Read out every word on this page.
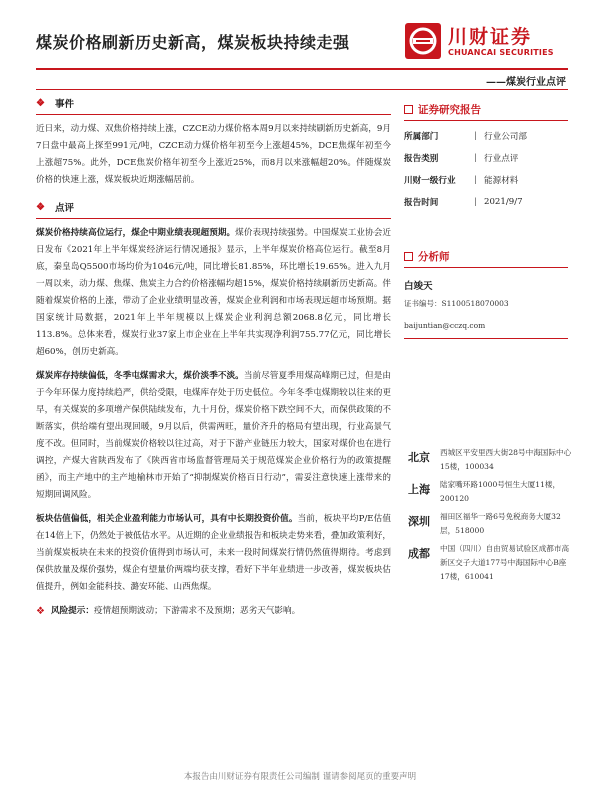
煤炭价格刷新历史新高，煤炭板块持续走强	川财证券
CHUANCAI SECURITIES
——煤炭行业点评
❖ 事件

近日来，动力煤、双焦价格持续上涨，CZCE动力煤价格本周9月以来持续刷新历史新高，9月7日盘中最高上探至991元/吨，CZCE动力煤价格年初至今上涨超45%，DCE焦煤年初至今上涨超75%。此外，DCE焦炭价格年初至今上涨近25%，而8月以来涨幅超20%。伴随煤炭价格的快速上涨，煤炭板块近期涨幅居前。

❖ 点评

煤炭价格持续高位运行，煤企中期业绩表现超预期。煤价表现持续强势。中国煤炭工业协会近日发布《2021年上半年煤炭经济运行情况通报》显示，上半年煤炭价格高位运行。截至8月底，秦皇岛Q5500市场均价为1046元/吨，同比增长81.85%，环比增长19.65%。进入九月一周以来，动力煤、焦煤、焦炭主力合约价格涨幅均超15%，煤炭价格持续刷新历史新高。伴随着煤炭价格的上涨，带动了企业业绩明显改善，煤炭企业利润和市场表现远超市场预期。据国家统计局数据，2021年上半年规模以上煤炭企业利润总额2068.8亿元，同比增长113.8%。总体来看，煤炭行业37家上市企业在上半年共实现净利润755.77亿元，同比增长超60%，创历史新高。

煤炭库存持续偏低，冬季屯煤需求大，煤价淡季不淡。当前尽管夏季用煤高峰期已过，但是由于今年环保力度持续趋严，供给受限，电煤库存处于历史低位。今年冬季屯煤期较以往来的更早，有关煤炭的多项增产保供陆续发布，九十月份，煤炭价格下跌空间不大，而保供政策的不断落实，供给端有望出现回暖，9月以后，供需两旺，量价齐升的格局有望出现，行业高景气度不改。但同时，当前煤炭价格较以往过高，对于下游产业链压力较大，国家对煤价也在进行调控，产煤大省陕西发布了《陕西省市场监督管理局关于规范煤炭企业价格行为的政策提醒函》，而主产地中的主产地榆林市开始了“抑制煤炭价格百日行动”，需妥注意快速上涨带来的短期回调风险。

板块估值偏低，相关企业盈利能力市场认可，具有中长期投资价值。当前，板块平均P/E估值在14倍上下，仍然处于被低估水平。从近期的企业业绩报告和板块走势来看，叠加政策利好，当前煤炭板块在未来的投资价值得到市场认可，未来一段时间煤炭行情仍然值得期待。考虑到保供放量及煤价强势，煤企有望量价两端均获支撑，看好下半年业绩进一步改善，煤炭板块估值提升，例如金能科技、潞安环能、山西焦煤。

❖ 风险提示： 疫情超预期波动；下游需求不及预期；恶劣天气影响。
证券研究报告
所属部门	| 行业公司部
报告类别	| 行业点评
川财一级行业	| 能源材料
报告时间	| 2021/9/7
分析师
白竣天
证书编号：S1100518070003
baijuntian@cczq.com
北京	西城区平安里西大街28号中海国际中心15楼，100034
上海	陆家嘴环路1000号恒生大厦11楼，200120
深圳	福田区福华一路6号免税商务大厦32层，518000
成都	中国（四川）自由贸易试验区成都市高新区交子大道177号中海国际中心B座17楼，610041
本报告由川财证券有限责任公司编制 谨请参阅尾页的重要声明
